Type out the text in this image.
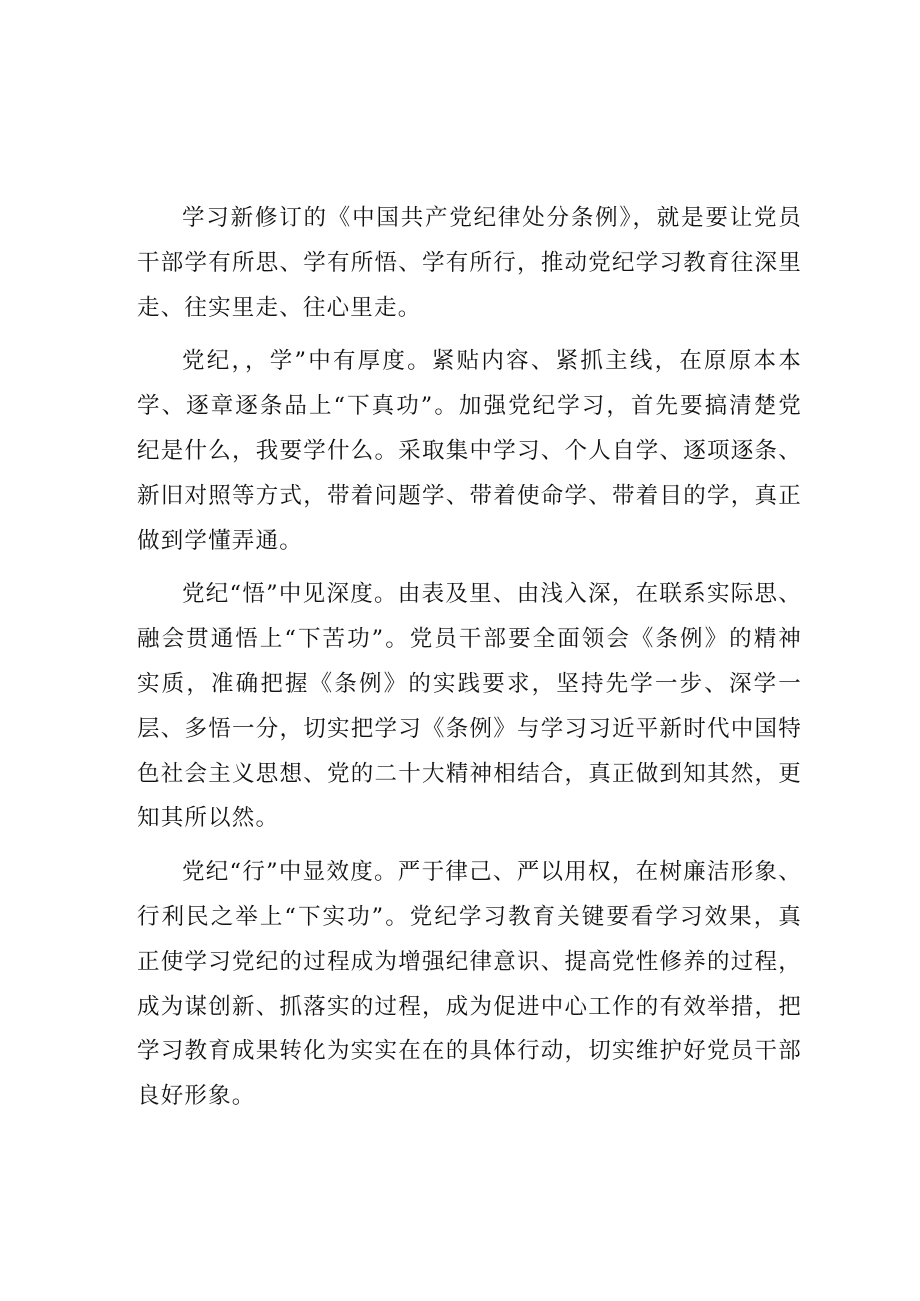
学习新修订的《中国共产党纪律处分条例》，就是要让党员干部学有所思、学有所悟、学有所行，推动党纪学习教育往深里走、往实里走、往心里走。

党纪，，学”中有厚度。紧贴内容、紧抓主线，在原原本本学、逐章逐条品上“下真功”。加强党纪学习，首先要搞清楚党纪是什么，我要学什么。采取集中学习、个人自学、逐项逐条、新旧对照等方式，带着问题学、带着使命学、带着目的学，真正做到学懂弄通。

党纪“悟”中见深度。由表及里、由浅入深，在联系实际思、融会贯通悟上“下苦功”。党员干部要全面领会《条例》的精神实质，准确把握《条例》的实践要求，坚持先学一步、深学一层、多悟一分，切实把学习《条例》与学习习近平新时代中国特色社会主义思想、党的二十大精神相结合，真正做到知其然，更知其所以然。

党纪“行”中显效度。严于律己、严以用权，在树廉洁形象、行利民之举上“下实功”。党纪学习教育关键要看学习效果，真正使学习党纪的过程成为增强纪律意识、提高党性修养的过程，成为谋创新、抓落实的过程，成为促进中心工作的有效举措，把学习教育成果转化为实实在在的具体行动，切实维护好党员干部良好形象。
